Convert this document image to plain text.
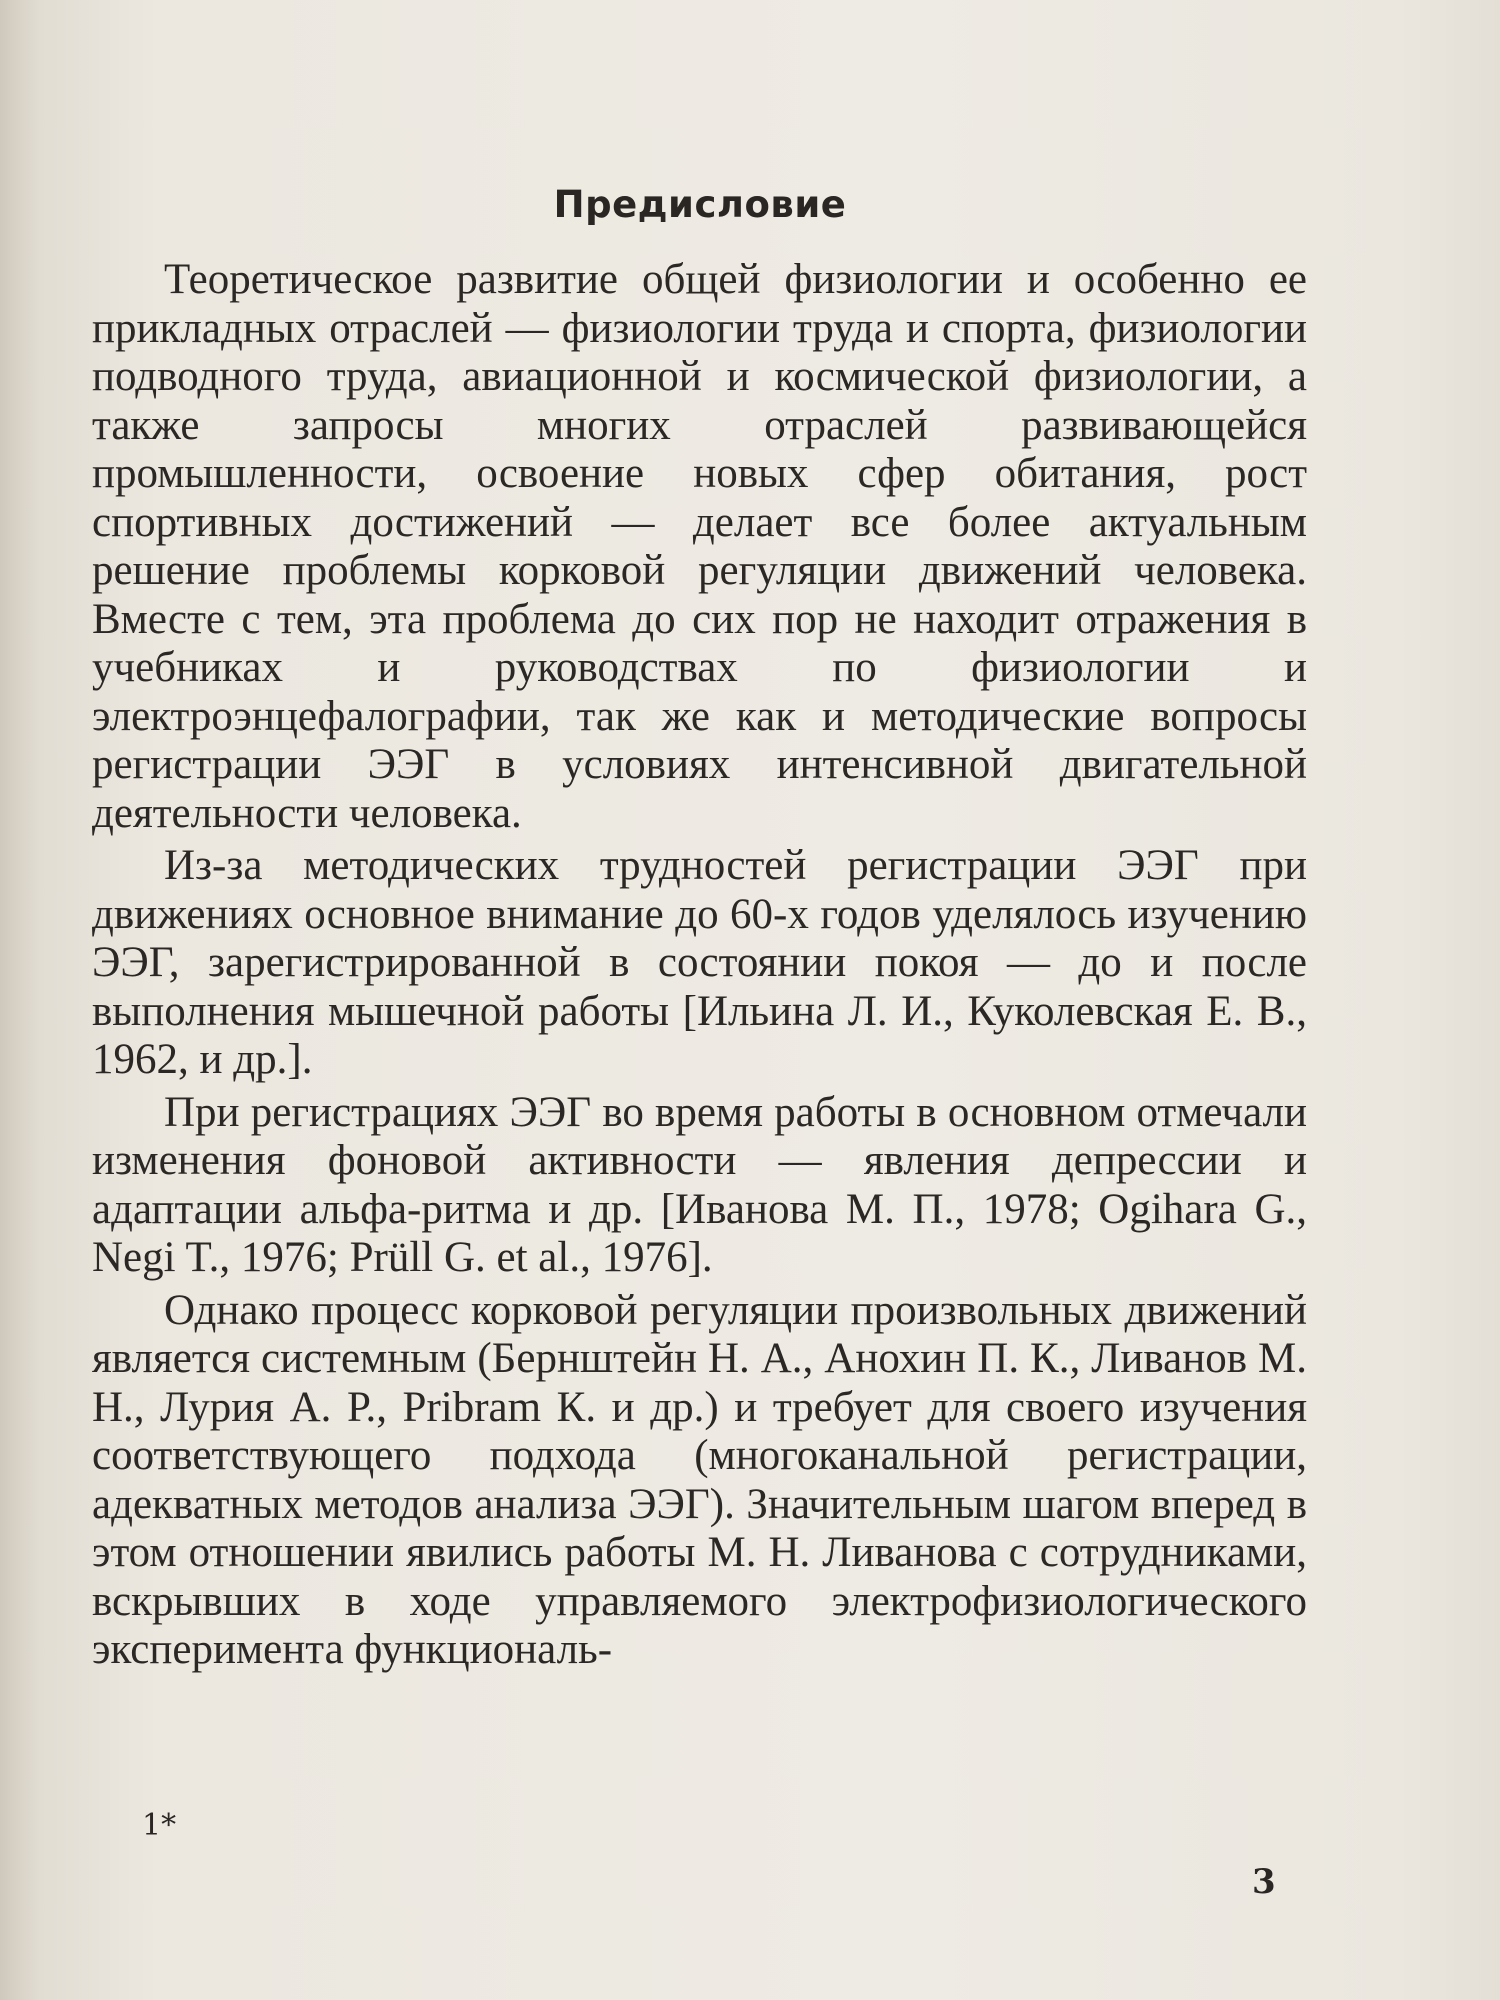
Предисловие

Теоретическое развитие общей физиологии и особенно ее прикладных отраслей — физиологии труда и спорта, физиологии подводного труда, авиационной и космической физиологии, а также запросы многих отраслей развивающейся промышленности, освоение новых сфер обитания, рост спортивных достижений — делает все более актуальным решение проблемы корковой регуляции движений человека. Вместе с тем, эта проблема до сих пор не находит отражения в учебниках и руководствах по физиологии и электроэнцефалографии, так же как и методические вопросы регистрации ЭЭГ в условиях интенсивной двигательной деятельности человека.

Из-за методических трудностей регистрации ЭЭГ при движениях основное внимание до 60-х годов уделялось изучению ЭЭГ, зарегистрированной в состоянии покоя — до и после выполнения мышечной работы [Ильина Л. И., Куколевская Е. В., 1962, и др.].

При регистрациях ЭЭГ во время работы в основном отмечали изменения фоновой активности — явления депрессии и адаптации альфа-ритма и др. [Иванова М. П., 1978; Ogihara G., Negi T., 1976; Prüll G. et al., 1976].

Однако процесс корковой регуляции произвольных движений является системным (Бернштейн Н. А., Анохин П. К., Ливанов М. Н., Лурия А. Р., Pribram К. и др.) и требует для своего изучения соответствующего подхода (многоканальной регистрации, адекватных методов анализа ЭЭГ). Значительным шагом вперед в этом отношении явились работы М. Н. Ливанова с сотрудниками, вскрывших в ходе управляемого электрофизиологического эксперимента функциональ-

1*
3
